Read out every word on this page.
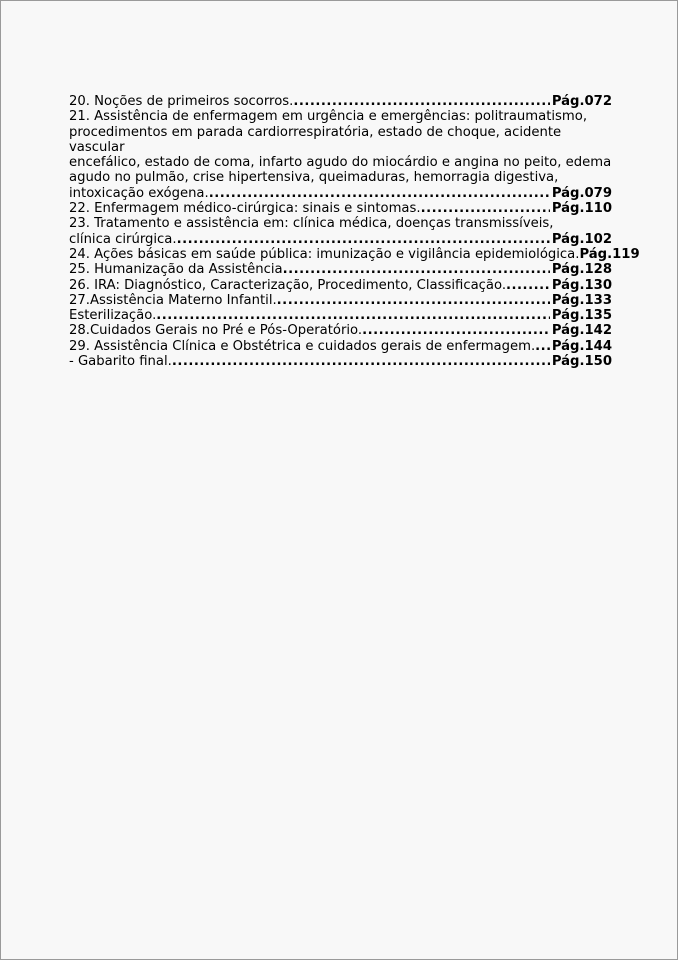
20. Noções de primeiros socorros. .....	Pág.072
21. Assistência de enfermagem em urgência e emergências: politraumatismo,
procedimentos em parada cardiorrespiratória, estado de choque, acidente vascular
encefálico, estado de coma, infarto agudo do miocárdio e angina no peito, edema
agudo no pulmão, crise hipertensiva, queimaduras, hemorragia digestiva,
intoxicação exógena. .....	Pág.079
22. Enfermagem médico-cirúrgica: sinais e sintomas. .....	Pág.110
23. Tratamento e assistência em: clínica médica, doenças transmissíveis,
clínica cirúrgica. .....	Pág.102
24. Ações básicas em saúde pública: imunização e vigilância epidemiológica. Pág.119
25. Humanização da Assistência .....	Pág.128
26. IRA: Diagnóstico, Caracterização, Procedimento, Classificação. .....	Pág.130
27.Assistência Materno Infantil. .....	Pág.133
Esterilização. .....	Pág.135
28.Cuidados Gerais no Pré e Pós-Operatório. .....	Pág.142
29. Assistência Clínica e Obstétrica e cuidados gerais de enfermagem. ..... Pág.144
- Gabarito final. .....	Pág.150
